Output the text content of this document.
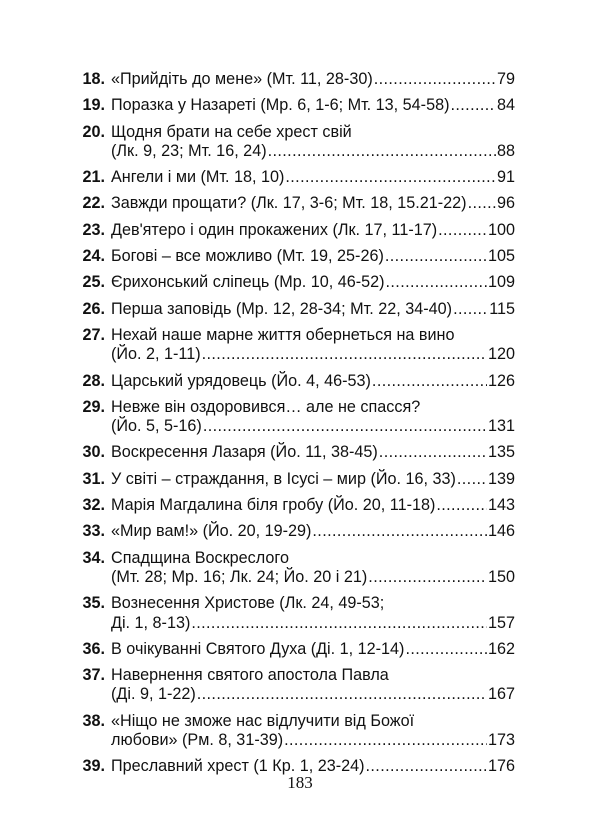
18. «Прийдіть до мене» (Мт. 11, 28-30) .....	79
19. Поразка у Назареті (Мр. 6, 1-6; Мт. 13, 54-58) .....	84
20. Щодня брати на себе хрест свій
(Лк. 9, 23; Мт. 16, 24) .....	88
21. Ангели і ми (Мт. 18, 10) .....	91
22. Завжди прощати? (Лк. 17, 3-6; Мт. 18, 15.21-22) ..... 96
23. Дев'ятеро і один прокажених (Лк. 17, 11-17) .....	100
24. Богові – все можливо (Мт. 19, 25-26) .....	105
25. Єрихонський сліпець (Мр. 10, 46-52) .....	109
26. Перша заповідь (Мр. 12, 28-34; Мт. 22, 34-40) ..... 115
27. Нехай наше марне життя обернеться на вино
(Йо. 2, 1-11) .....	120
28. Царський урядовець (Йо. 4, 46-53) .....	126
29. Невже він оздоровився… але не спасся?
(Йо. 5, 5-16) .....	131
30. Воскресення Лазаря (Йо. 11, 38-45) .....	135
31. У світі – страждання, в Ісусі – мир (Йо. 16, 33) ..... 139
32. Марія Магдалина біля гробу (Йо. 20, 11-18) .....	143
33. «Мир вам!» (Йо. 20, 19-29) .....	146
34. Спадщина Воскреслого
(Мт. 28; Мр. 16; Лк. 24; Йо. 20 і 21) .....	150
35. Вознесення Христове (Лк. 24, 49-53;
Ді. 1, 8-13) .....	157
36. В очікуванні Святого Духа (Ді. 1, 12-14) .....	162
37. Навернення святого апостола Павла
(Ді. 9, 1-22) .....	167
38. «Ніщо не зможе нас відлучити від Божої
любови» (Рм. 8, 31-39) .....	173
39. Преславний хрест (1 Кр. 1, 23-24) .....	176
183
